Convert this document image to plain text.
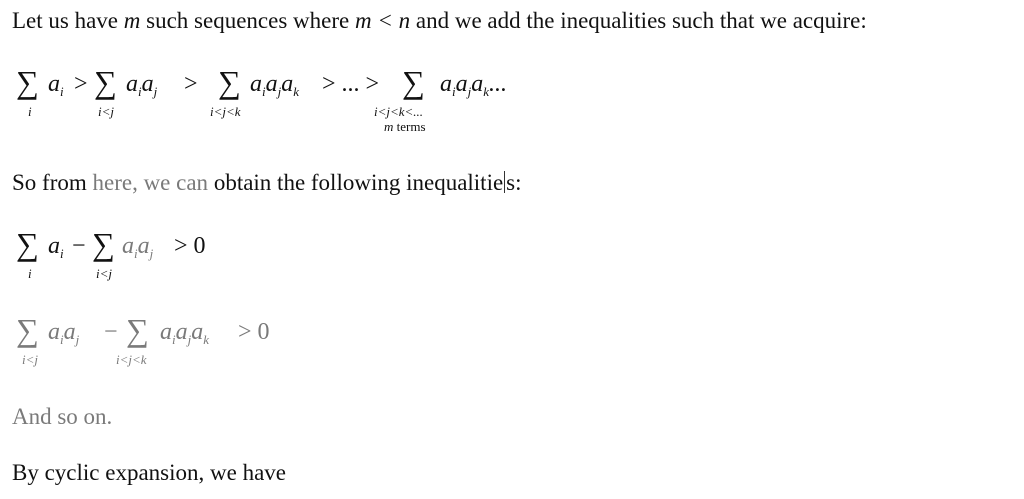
Let us have m such sequences where m < n and we add the inequalities such that we acquire:
∑ $a_i$ > ∑ $a_ia_j$ > ∑ $a_ia_ja_k$ > ... > ∑ $a_ia_ja_k$...
i	i<j	i<j<k	i<j<k<...
m terms
So from here, we can obtain the following inequalitie s:
∑ $a_i$ − ∑ $a_ia_j > 0$
i	i<j
∑ $a_ia_j$ − ∑ $a_ia_ja_k > 0$
i<j	i<j<k
And so on.
By cyclic expansion, we have
